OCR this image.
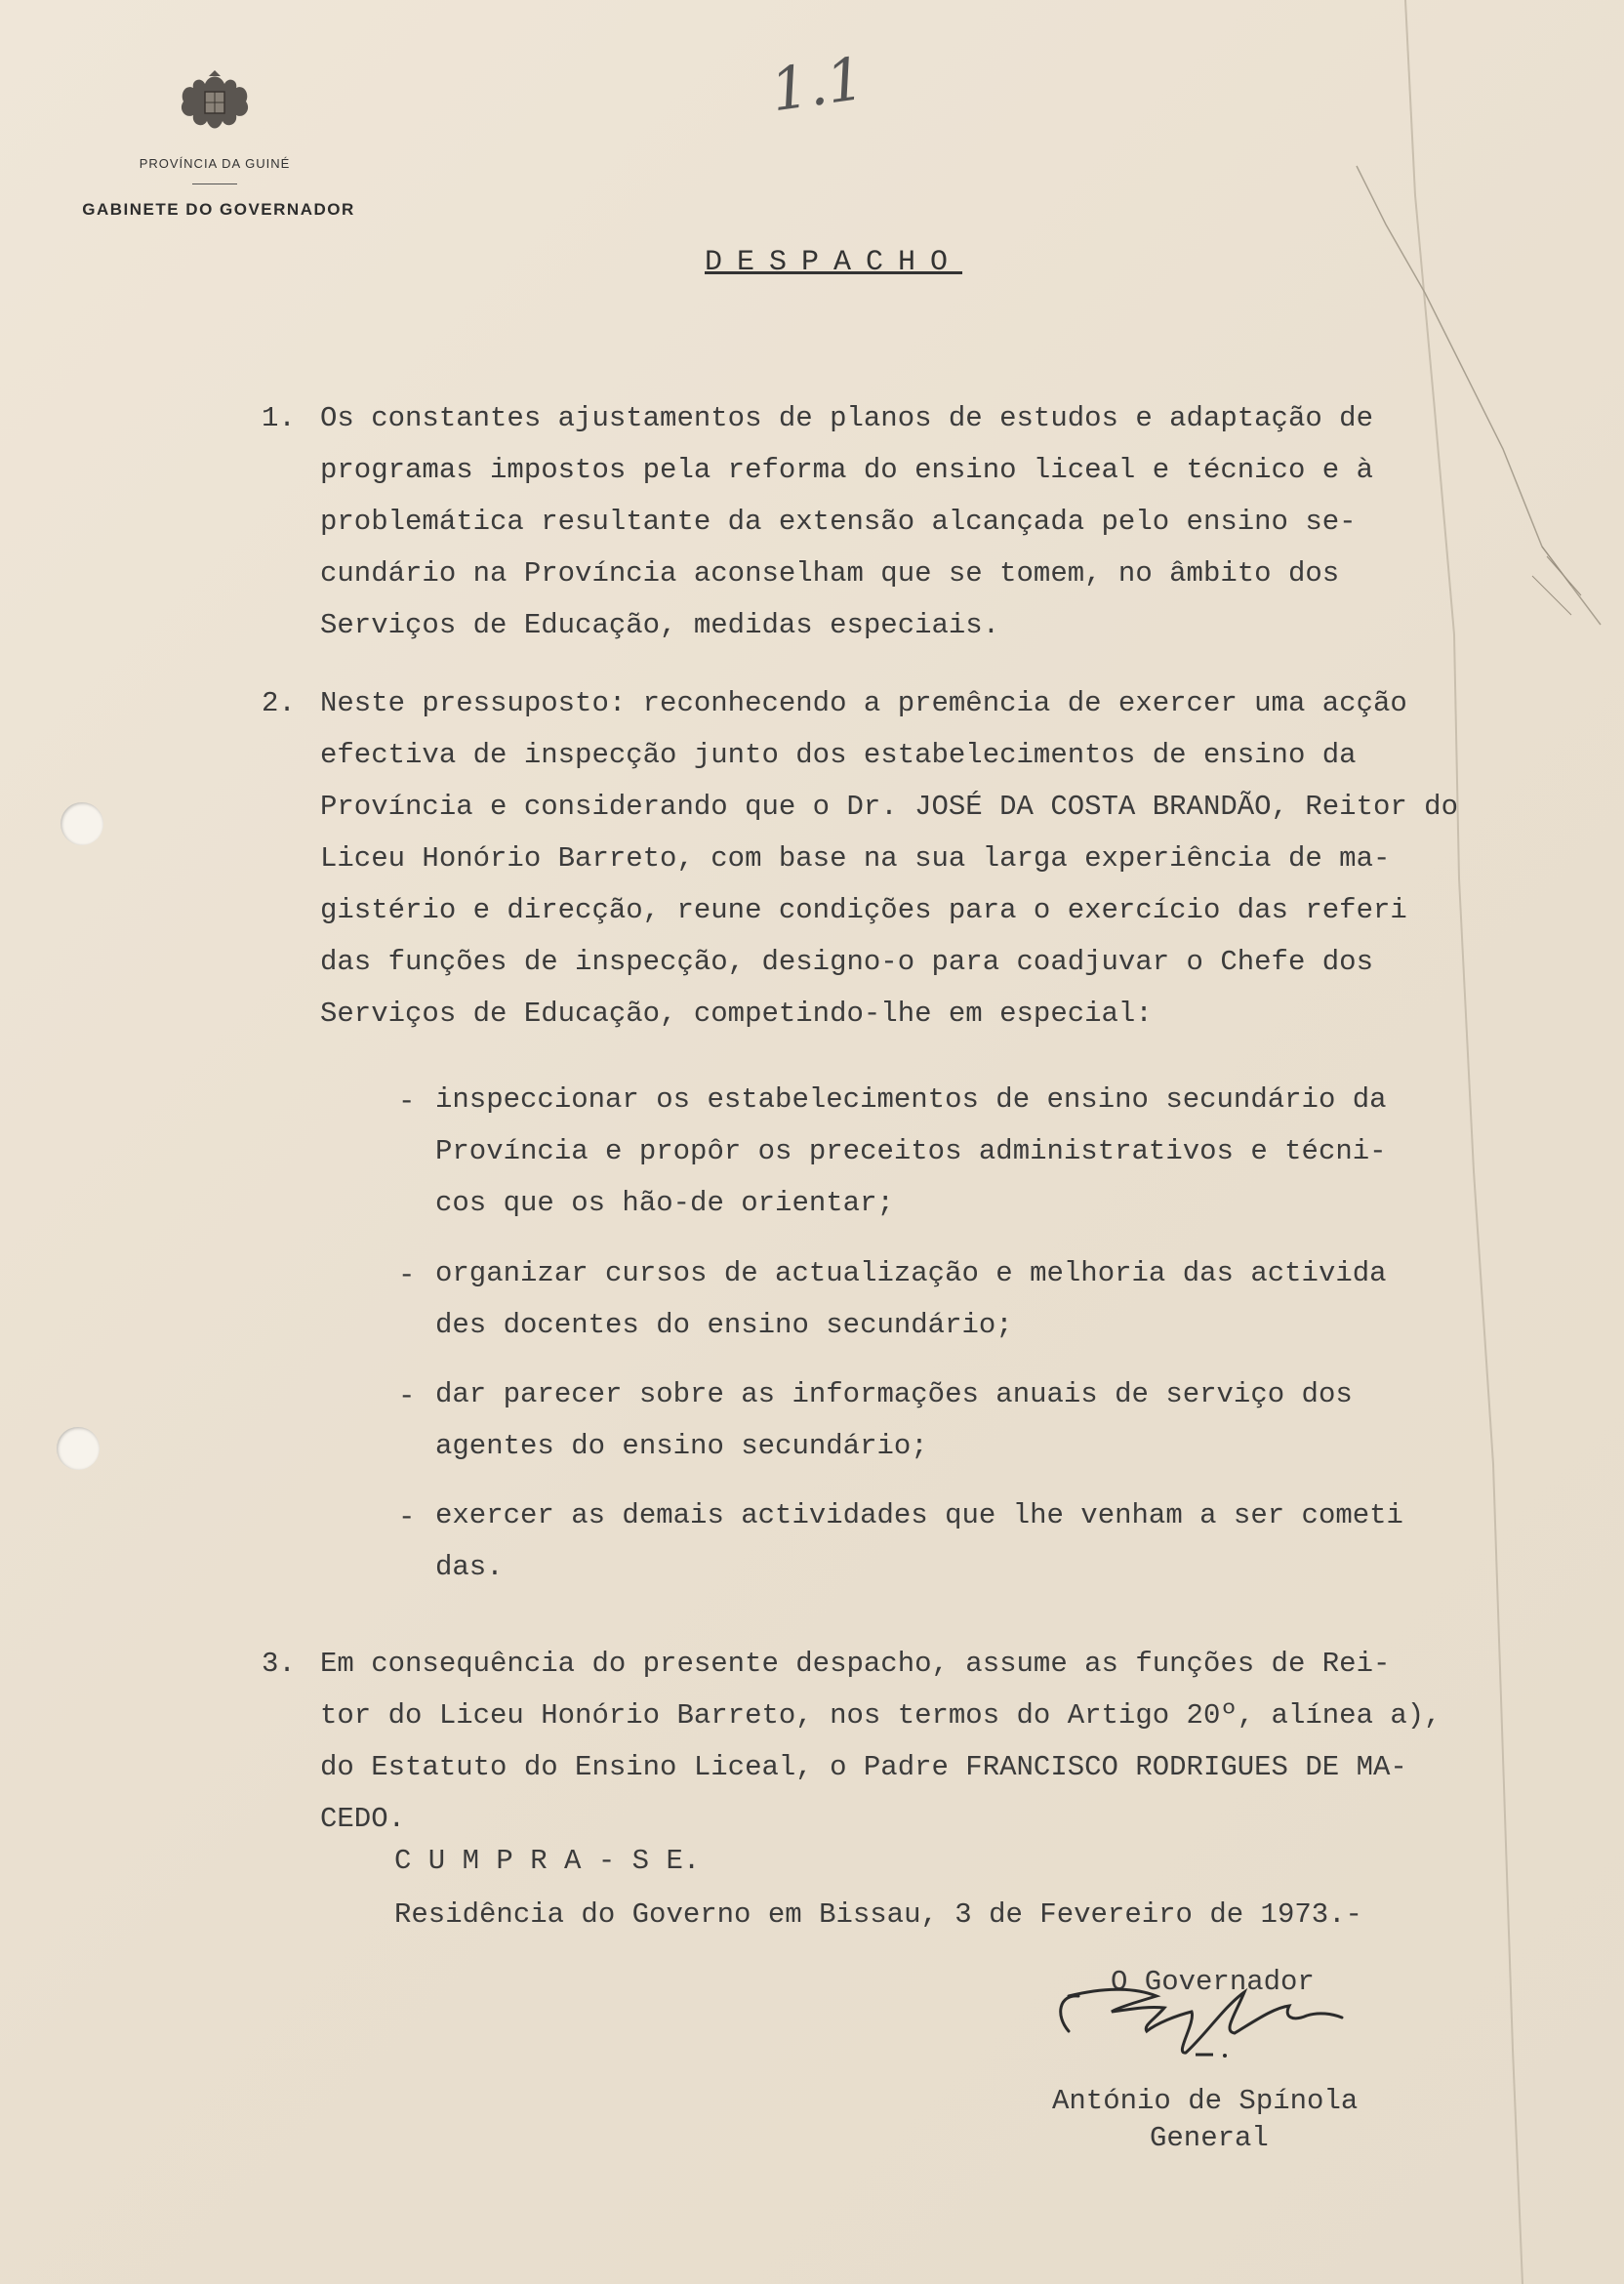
PROVÍNCIA DA GUINÉ
GABINETE DO GOVERNADOR
1.1
DESPACHO
1. Os constantes ajustamentos de planos de estudos e adaptação de
programas impostos pela reforma do ensino liceal e técnico e à
problemática resultante da extensão alcançada pelo ensino se-
cundário na Província aconselham que se tomem, no âmbito dos
Serviços de Educação, medidas especiais.
2. Neste pressuposto: reconhecendo a premência de exercer uma acção
efectiva de inspecção junto dos estabelecimentos de ensino da
Província e considerando que o Dr. JOSÉ DA COSTA BRANDÃO, Reitor do
Liceu Honório Barreto, com base na sua larga experiência de ma-
gistério e direcção, reune condições para o exercício das referi
das funções de inspecção, designo-o para coadjuvar o Chefe dos
Serviços de Educação, competindo-lhe em especial:
- inspeccionar os estabelecimentos de ensino secundário da
Província e propôr os preceitos administrativos e técni-
cos que os hão-de orientar;
- organizar cursos de actualização e melhoria das activida
des docentes do ensino secundário;
- dar parecer sobre as informações anuais de serviço dos
agentes do ensino secundário;
- exercer as demais actividades que lhe venham a ser cometi
das.
3. Em consequência do presente despacho, assume as funções de Rei-
tor do Liceu Honório Barreto, nos termos do Artigo 20º, alínea a),
do Estatuto do Ensino Liceal, o Padre FRANCISCO RODRIGUES DE MA-
CEDO.
C U M P R A - S E.
Residência do Governo em Bissau, 3 de Fevereiro de 1973.-
O Governador
António de Spínola
General
